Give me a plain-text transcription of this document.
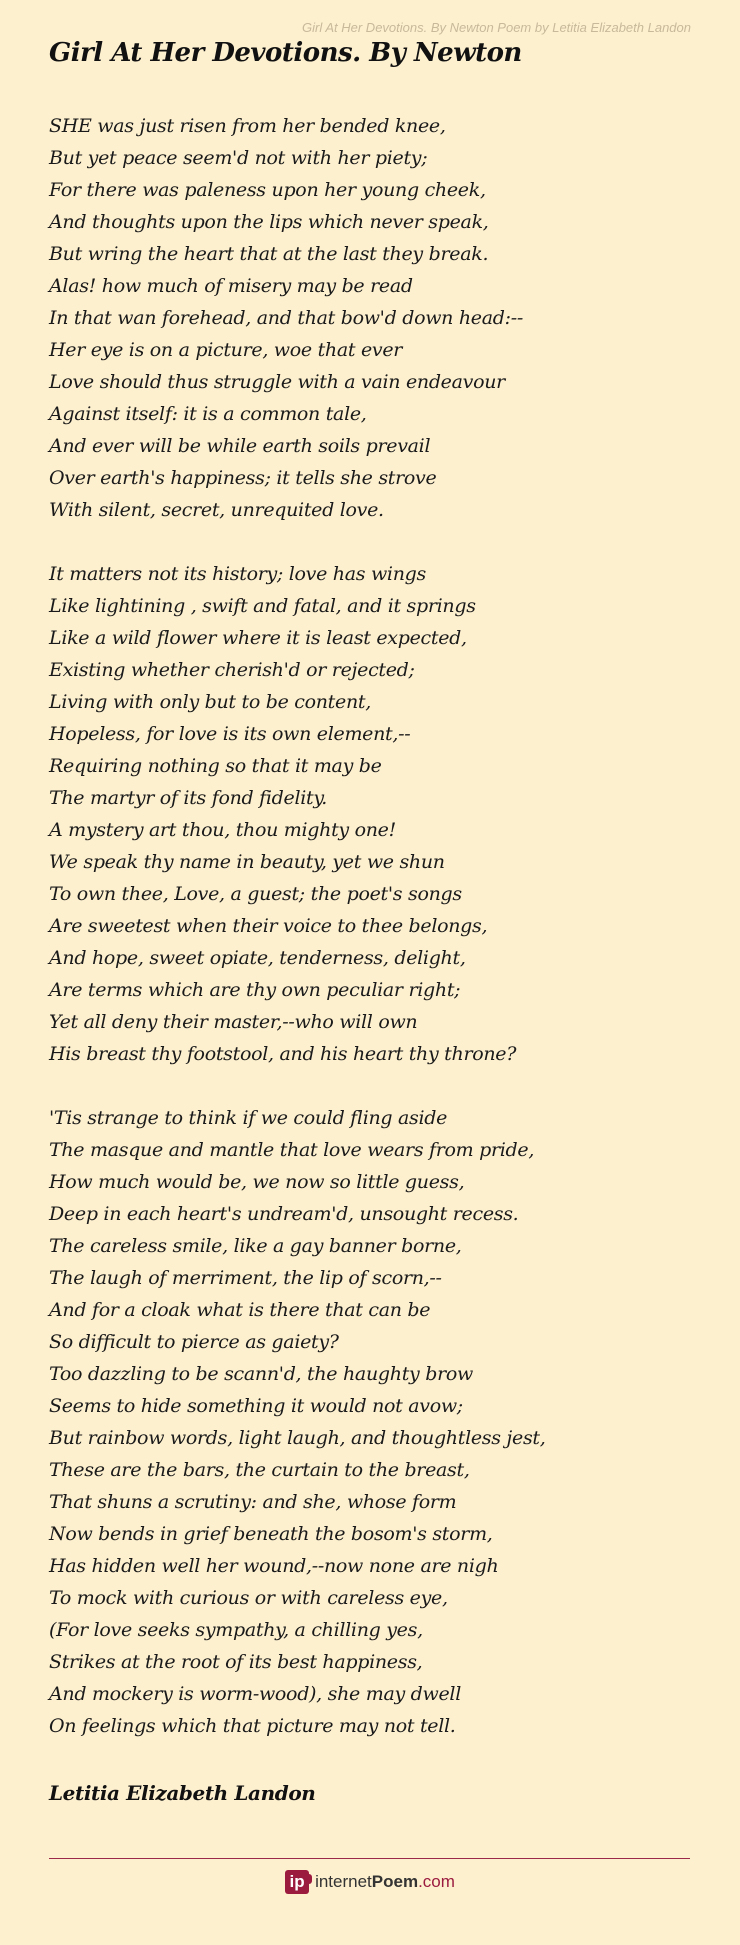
Girl At Her Devotions. By Newton Poem by Letitia Elizabeth Landon
Girl At Her Devotions. By Newton
SHE was just risen from her bended knee,
But yet peace seem'd not with her piety;
For there was paleness upon her young cheek,
And thoughts upon the lips which never speak,
But wring the heart that at the last they break.
Alas! how much of misery may be read
In that wan forehead, and that bow'd down head:--
Her eye is on a picture, woe that ever
Love should thus struggle with a vain endeavour
Against itself: it is a common tale,
And ever will be while earth soils prevail
Over earth's happiness; it tells she strove
With silent, secret, unrequited love.
It matters not its history; love has wings
Like lightining , swift and fatal, and it springs
Like a wild flower where it is least expected,
Existing whether cherish'd or rejected;
Living with only but to be content,
Hopeless, for love is its own element,--
Requiring nothing so that it may be
The martyr of its fond fidelity.
A mystery art thou, thou mighty one!
We speak thy name in beauty, yet we shun
To own thee, Love, a guest; the poet's songs
Are sweetest when their voice to thee belongs,
And hope, sweet opiate, tenderness, delight,
Are terms which are thy own peculiar right;
Yet all deny their master,--who will own
His breast thy footstool, and his heart thy throne?
'Tis strange to think if we could fling aside
The masque and mantle that love wears from pride,
How much would be, we now so little guess,
Deep in each heart's undream'd, unsought recess.
The careless smile, like a gay banner borne,
The laugh of merriment, the lip of scorn,--
And for a cloak what is there that can be
So difficult to pierce as gaiety?
Too dazzling to be scann'd, the haughty brow
Seems to hide something it would not avow;
But rainbow words, light laugh, and thoughtless jest,
These are the bars, the curtain to the breast,
That shuns a scrutiny: and she, whose form
Now bends in grief beneath the bosom's storm,
Has hidden well her wound,--now none are nigh
To mock with curious or with careless eye,
(For love seeks sympathy, a chilling yes,
Strikes at the root of its best happiness,
And mockery is worm-wood), she may dwell
On feelings which that picture may not tell.
Letitia Elizabeth Landon
ip internetPoem.com
